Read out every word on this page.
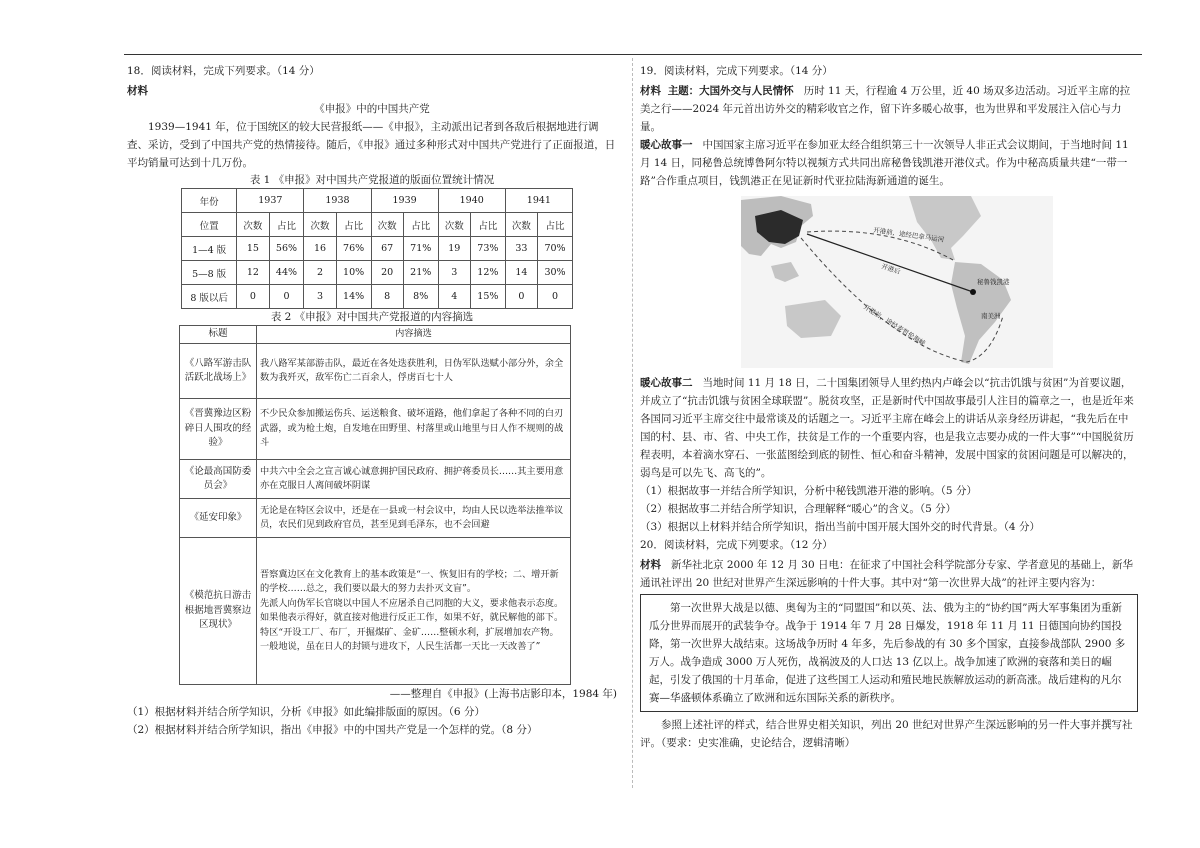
18．阅读材料，完成下列要求。（14 分）

材料

《申报》中的中国共产党

1939—1941 年，位于国统区的较大民营报纸——《申报》，主动派出记者到各敌后根据地进行调查、采访，受到了中国共产党的热情接待。随后，《申报》通过多种形式对中国共产党进行了正面报道，日平均销量可达到十几万份。

表 1 《申报》对中国共产党报道的版面位置统计情况

年份	1937		1938		1939		1940		1941	
位置	次数	占比	次数	占比	次数	占比	次数	占比	次数	占比
1—4 版	15	56%	16	76%	67	71%	19	73%	33	70%
5—8 版	12	44%	2	10%	20	21%	3	12%	14	30%
8 版以后	0	0	3	14%	8	8%	4	15%	0	0

表 2 《申报》对中国共产党报道的内容摘选

标题	内容摘选
《八路军游击队活跃北战场上》	我八路军某部游击队，最近在各处迭获胜利，日伪军队迭赋小部分外，余全数为我歼灭，敌军伤亡二百余人，俘虏百七十人
《晋冀豫边区粉碎日人围攻的经验》	不少民众参加搬运伤兵、运送粮食、破坏道路，他们拿起了各种不同的白刃武器，或为枪土炮，自发地在田野里、村落里或山地里与日人作不规则的战斗
《论最高国防委员会》	中共六中全会之宣言诚心诚意拥护国民政府、拥护蒋委员长……其主要用意亦在克服日人离间破坏阴谋
《延安印象》	无论是在特区会议中，还是在一县或一村会议中，均由人民以选举法推举议员，农民们见到政府官员，甚至见到毛泽东，也不会回避
《模范抗日游击根据地晋冀察边区现状》	晋察冀边区在文化教育上的基本政策是“一、恢复旧有的学校；二、增开新的学校……总之，我们要以最大的努力去扑灭文盲”。
先派人向伪军长官晓以中国人不应屠杀自己同胞的大义，要求他表示态度。如果他表示得好，就直接对他进行反正工作，如果不好，就民解他的部下。
特区“开设工厂、布厂，开掘煤矿、金矿……整顿水利，扩展增加农产物。一般地说，虽在日人的封锁与进攻下，人民生活都一天比一天改善了”

——整理自《申报》(上海书店影印本，1984 年)

（1）根据材料并结合所学知识，分析《申报》如此编排版面的原因。（6 分）

（2）根据材料并结合所学知识，指出《申报》中的中国共产党是一个怎样的党。（8 分）

19．阅读材料，完成下列要求。（14 分）

材料 主题：大国外交与人民情怀 历时 11 天，行程逾 4 万公里，近 40 场双多边活动。习近平主席的拉美之行——2024 年元首出访外交的精彩收官之作，留下许多暖心故事，也为世界和平发展注入信心与力量。

暖心故事一 中国国家主席习近平在参加亚太经合组织第三十一次领导人非正式会议期间，于当地时间 11 月 14 日，同秘鲁总统博鲁阿尔特以视频方式共同出席秘鲁钱凯港开港仪式。作为中秘高质量共建“一带一路”合作重点项目，钱凯港正在见证新时代亚拉陆海新通道的诞生。

开港前，途经巴拿马运河
开港后
开港前，途经麦哲伦海峡
秘鲁钱凯港
南美洲

暖心故事二 当地时间 11 月 18 日，二十国集团领导人里约热内卢峰会以“抗击饥饿与贫困”为首要议题，并成立了“抗击饥饿与贫困全球联盟”。脱贫攻坚，正是新时代中国故事最引人注目的篇章之一，也是近年来各国同习近平主席交往中最常谈及的话题之一。习近平主席在峰会上的讲话从亲身经历讲起，“我先后在中国的村、县、市、省、中央工作，扶贫是工作的一个重要内容，也是我立志要办成的一件大事”“中国脱贫历程表明，本着滴水穿石、一张蓝图绘到底的韧性、恒心和奋斗精神，发展中国家的贫困问题是可以解决的，弱鸟是可以先飞、高飞的”。

（1）根据故事一并结合所学知识，分析中秘钱凯港开港的影响。（5 分）

（2）根据故事二并结合所学知识，合理解释“暖心”的含义。（5 分）

（3）根据以上材料并结合所学知识，指出当前中国开展大国外交的时代背景。（4 分）

20．阅读材料，完成下列要求。（12 分）

材料 新华社北京 2000 年 12 月 30 日电：在征求了中国社会科学院部分专家、学者意见的基础上，新华通讯社评出 20 世纪对世界产生深远影响的十件大事。其中对“第一次世界大战”的社评主要内容为：

第一次世界大战是以德、奥匈为主的“同盟国”和以英、法、俄为主的“协约国”两大军事集团为重新瓜分世界而展开的武装争夺。战争于 1914 年 7 月 28 日爆发，1918 年 11 月 11 日德国向协约国投降，第一次世界大战结束。这场战争历时 4 年多，先后参战的有 30 多个国家，直接参战部队 2900 多万人。战争造成 3000 万人死伤，战祸波及的人口达 13 亿以上。战争加速了欧洲的衰落和美日的崛起，引发了俄国的十月革命，促进了这些国工人运动和殖民地民族解放运动的新高涨。战后建构的凡尔赛—华盛顿体系确立了欧洲和远东国际关系的新秩序。

参照上述社评的样式，结合世界史相关知识，列出 20 世纪对世界产生深远影响的另一件大事并撰写社评。（要求：史实准确，史论结合，逻辑清晰）
